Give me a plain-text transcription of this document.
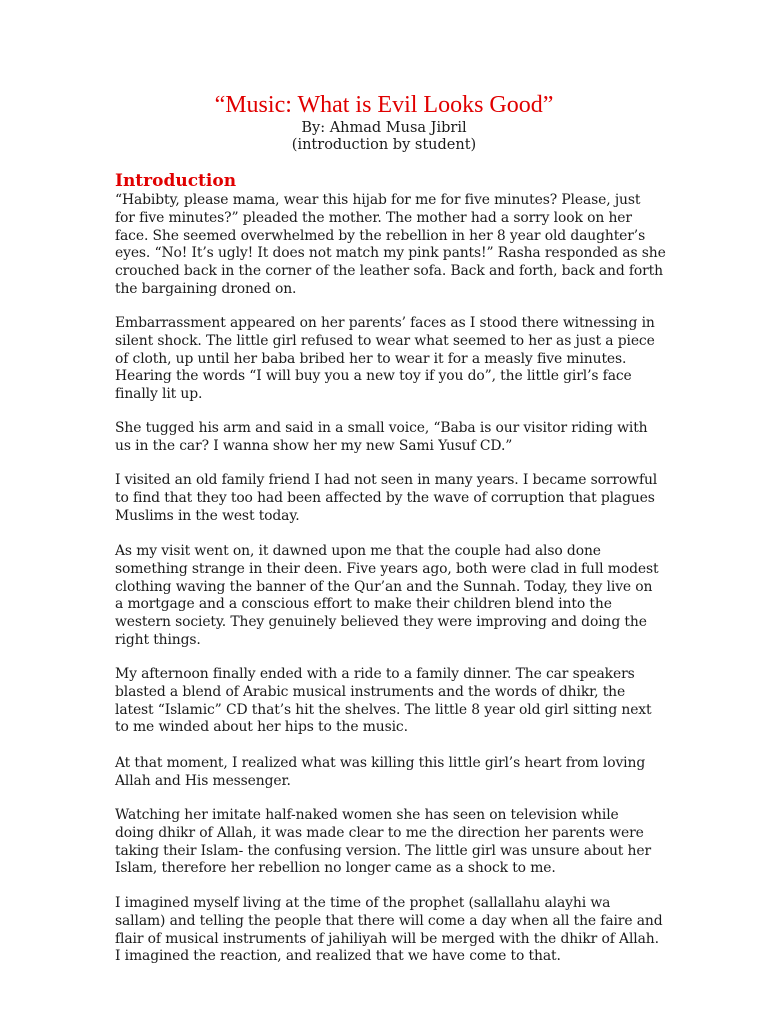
“Music: What is Evil Looks Good”
By: Ahmad Musa Jibril
(introduction by student)
Introduction
“Habibty, please mama, wear this hijab for me for five minutes? Please, just
for five minutes?” pleaded the mother. The mother had a sorry look on her
face. She seemed overwhelmed by the rebellion in her 8 year old daughter’s
eyes. “No! It’s ugly! It does not match my pink pants!” Rasha responded as she
crouched back in the corner of the leather sofa. Back and forth, back and forth
the bargaining droned on.
Embarrassment appeared on her parents’ faces as I stood there witnessing in
silent shock. The little girl refused to wear what seemed to her as just a piece
of cloth, up until her baba bribed her to wear it for a measly five minutes.
Hearing the words “I will buy you a new toy if you do”, the little girl’s face
finally lit up.
She tugged his arm and said in a small voice, “Baba is our visitor riding with
us in the car? I wanna show her my new Sami Yusuf CD.”
I visited an old family friend I had not seen in many years. I became sorrowful
to find that they too had been affected by the wave of corruption that plagues
Muslims in the west today.
As my visit went on, it dawned upon me that the couple had also done
something strange in their deen. Five years ago, both were clad in full modest
clothing waving the banner of the Qur’an and the Sunnah. Today, they live on
a mortgage and a conscious effort to make their children blend into the
western society. They genuinely believed they were improving and doing the
right things.
My afternoon finally ended with a ride to a family dinner. The car speakers
blasted a blend of Arabic musical instruments and the words of dhikr, the
latest “Islamic” CD that’s hit the shelves. The little 8 year old girl sitting next
to me winded about her hips to the music.
At that moment, I realized what was killing this little girl’s heart from loving
Allah and His messenger.
Watching her imitate half-naked women she has seen on television while
doing dhikr of Allah, it was made clear to me the direction her parents were
taking their Islam- the confusing version. The little girl was unsure about her
Islam, therefore her rebellion no longer came as a shock to me.
I imagined myself living at the time of the prophet (sallallahu alayhi wa
sallam) and telling the people that there will come a day when all the faire and
flair of musical instruments of jahiliyah will be merged with the dhikr of Allah.
I imagined the reaction, and realized that we have come to that.
